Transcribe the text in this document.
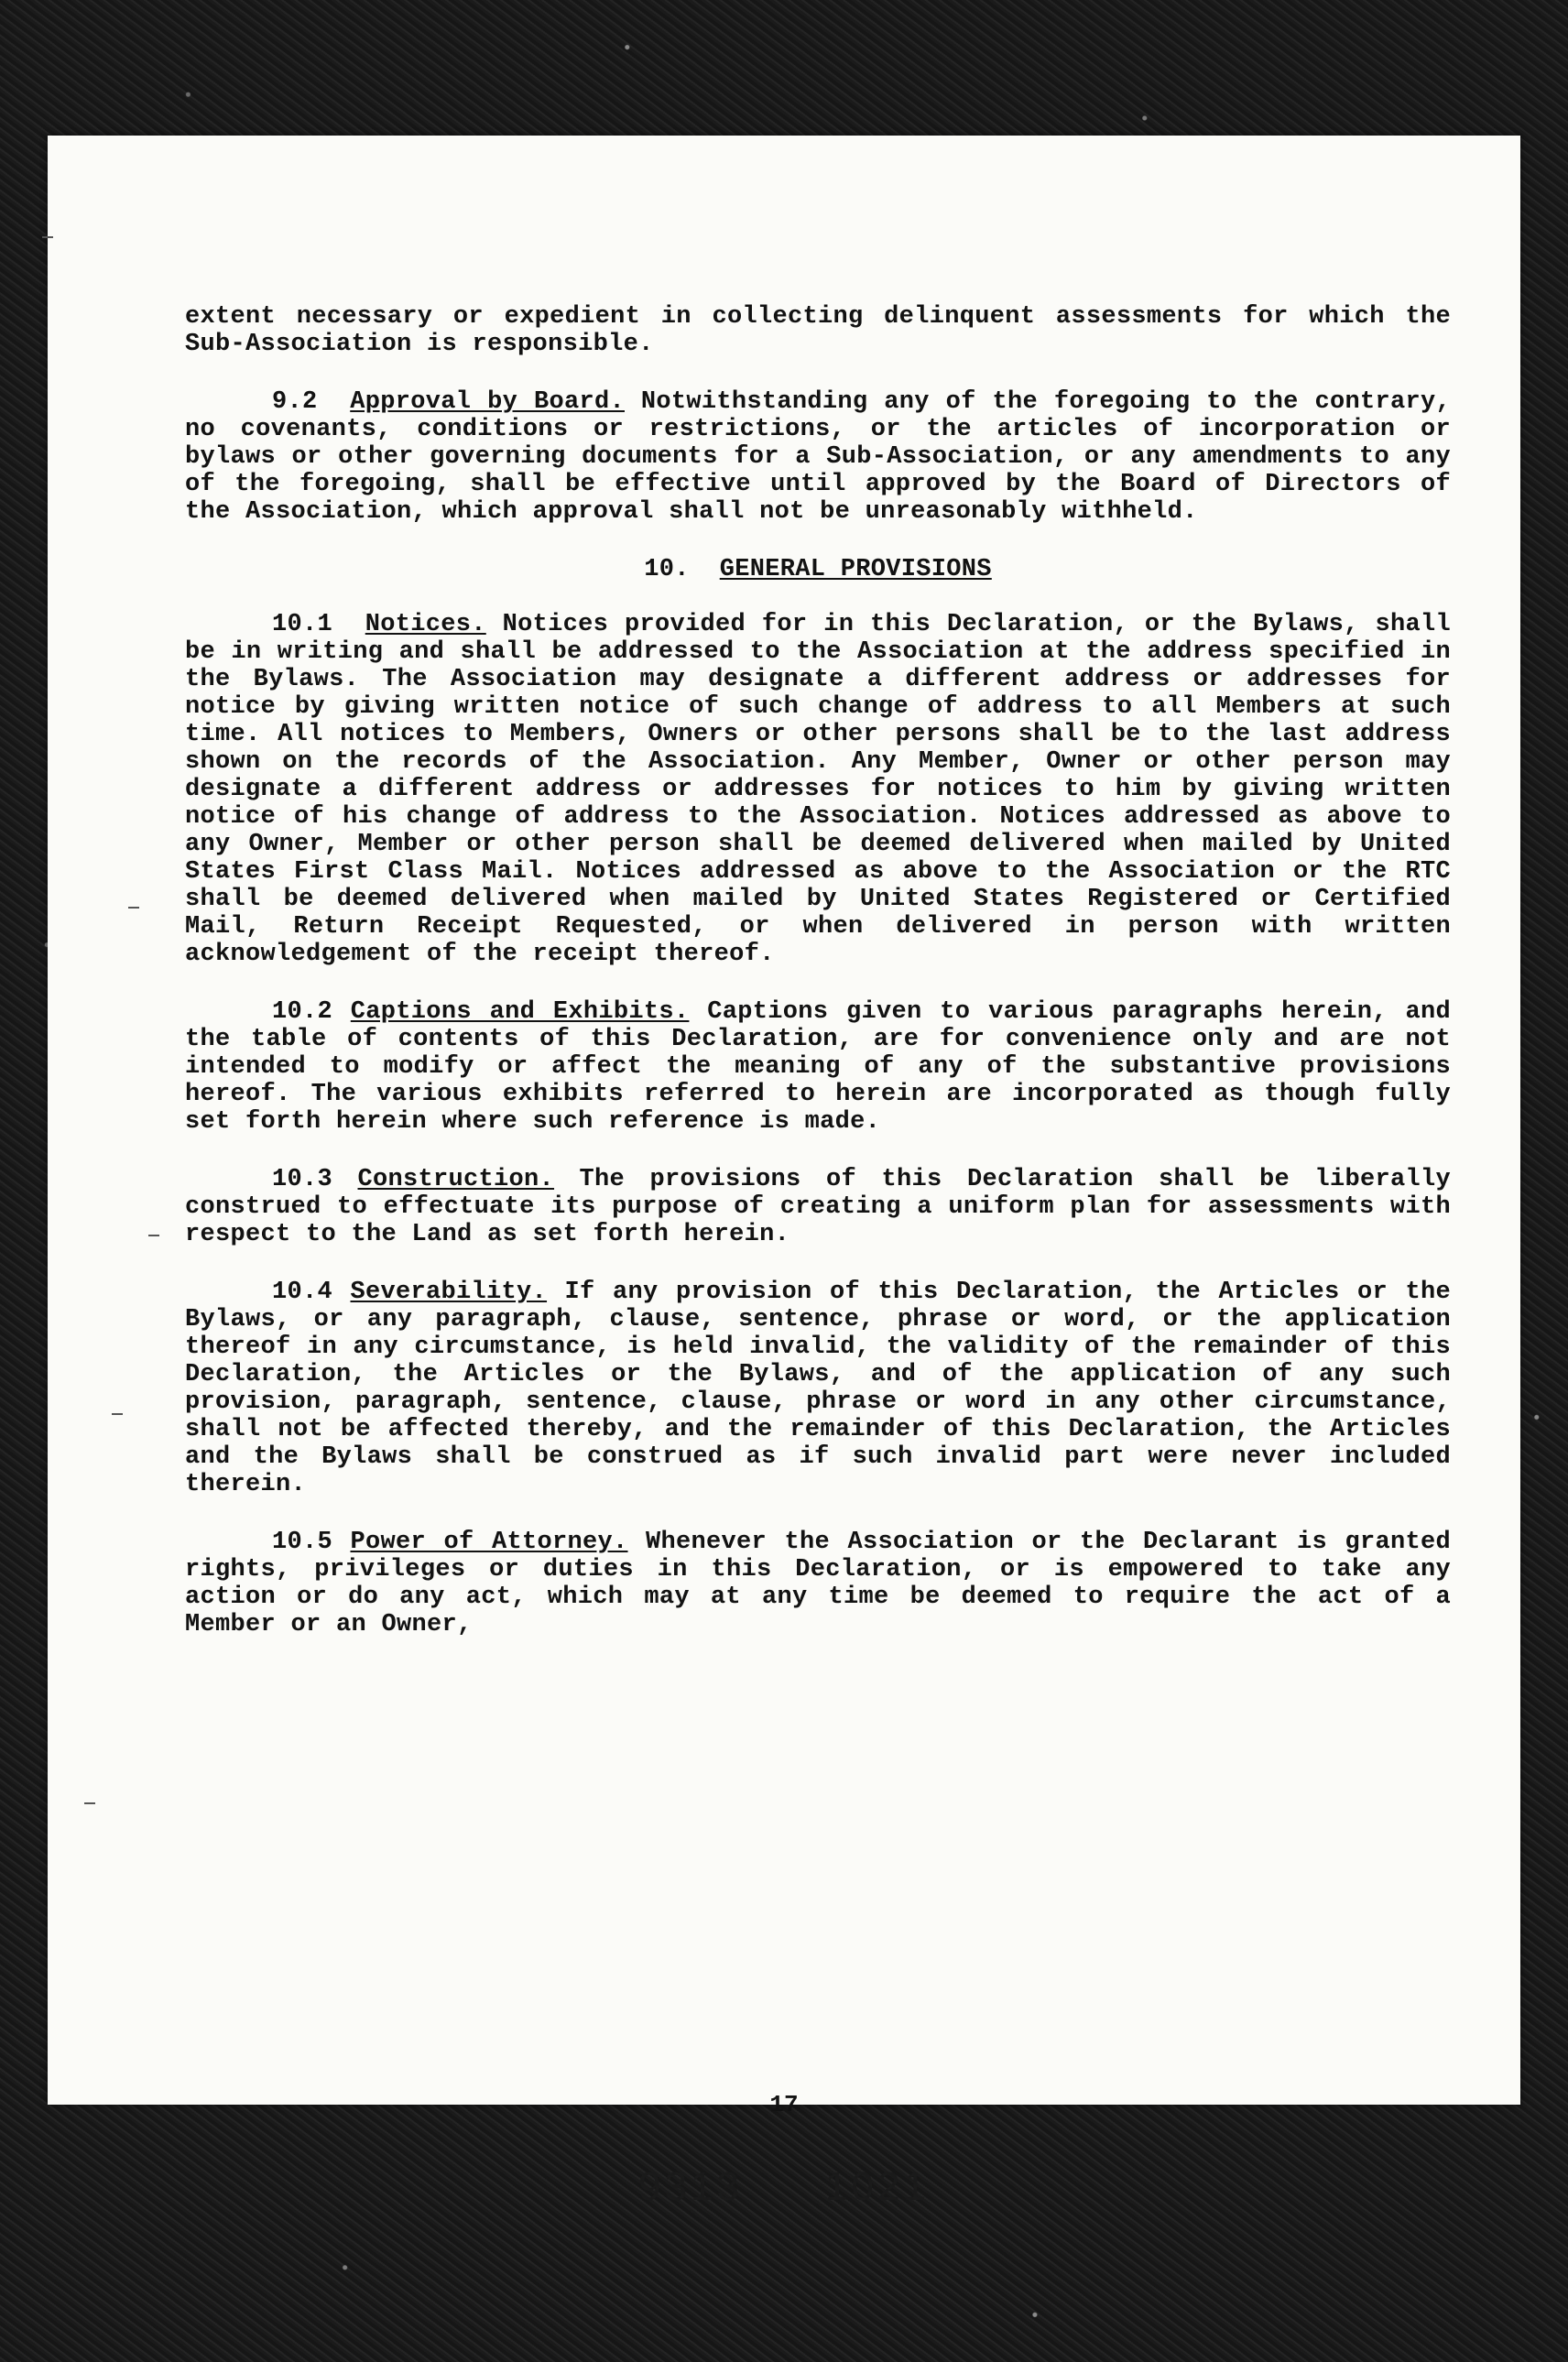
extent necessary or expedient in collecting delinquent assessments for which the Sub-Association is responsible.

9.2 Approval by Board. Notwithstanding any of the foregoing to the contrary, no covenants, conditions or restrictions, or the articles of incorporation or bylaws or other governing documents for a Sub-Association, or any amendments to any of the foregoing, shall be effective until approved by the Board of Directors of the Association, which approval shall not be unreasonably withheld.

10. GENERAL PROVISIONS

10.1 Notices. Notices provided for in this Declaration, or the Bylaws, shall be in writing and shall be addressed to the Association at the address specified in the Bylaws. The Association may designate a different address or addresses for notice by giving written notice of such change of address to all Members at such time. All notices to Members, Owners or other persons shall be to the last address shown on the records of the Association. Any Member, Owner or other person may designate a different address or addresses for notices to him by giving written notice of his change of address to the Association. Notices addressed as above to any Owner, Member or other person shall be deemed delivered when mailed by United States First Class Mail. Notices addressed as above to the Association or the RTC shall be deemed delivered when mailed by United States Registered or Certified Mail, Return Receipt Requested, or when delivered in person with written acknowledgement of the receipt thereof.

10.2 Captions and Exhibits. Captions given to various paragraphs herein, and the table of contents of this Declaration, are for convenience only and are not intended to modify or affect the meaning of any of the substantive provisions hereof. The various exhibits referred to herein are incorporated as though fully set forth herein where such reference is made.

10.3 Construction. The provisions of this Declaration shall be liberally construed to effectuate its purpose of creating a uniform plan for assessments with respect to the Land as set forth herein.

10.4 Severability. If any provision of this Declaration, the Articles or the Bylaws, or any paragraph, clause, sentence, phrase or word, or the application thereof in any circumstance, is held invalid, the validity of the remainder of this Declaration, the Articles or the Bylaws, and of the application of any such provision, paragraph, sentence, clause, phrase or word in any other circumstance, shall not be affected thereby, and the remainder of this Declaration, the Articles and the Bylaws shall be construed as if such invalid part were never included therein.

10.5 Power of Attorney. Whenever the Association or the Declarant is granted rights, privileges or duties in this Declaration, or is empowered to take any action or do any act, which may at any time be deemed to require the act of a Member or an Owner,

17
9313 1021
